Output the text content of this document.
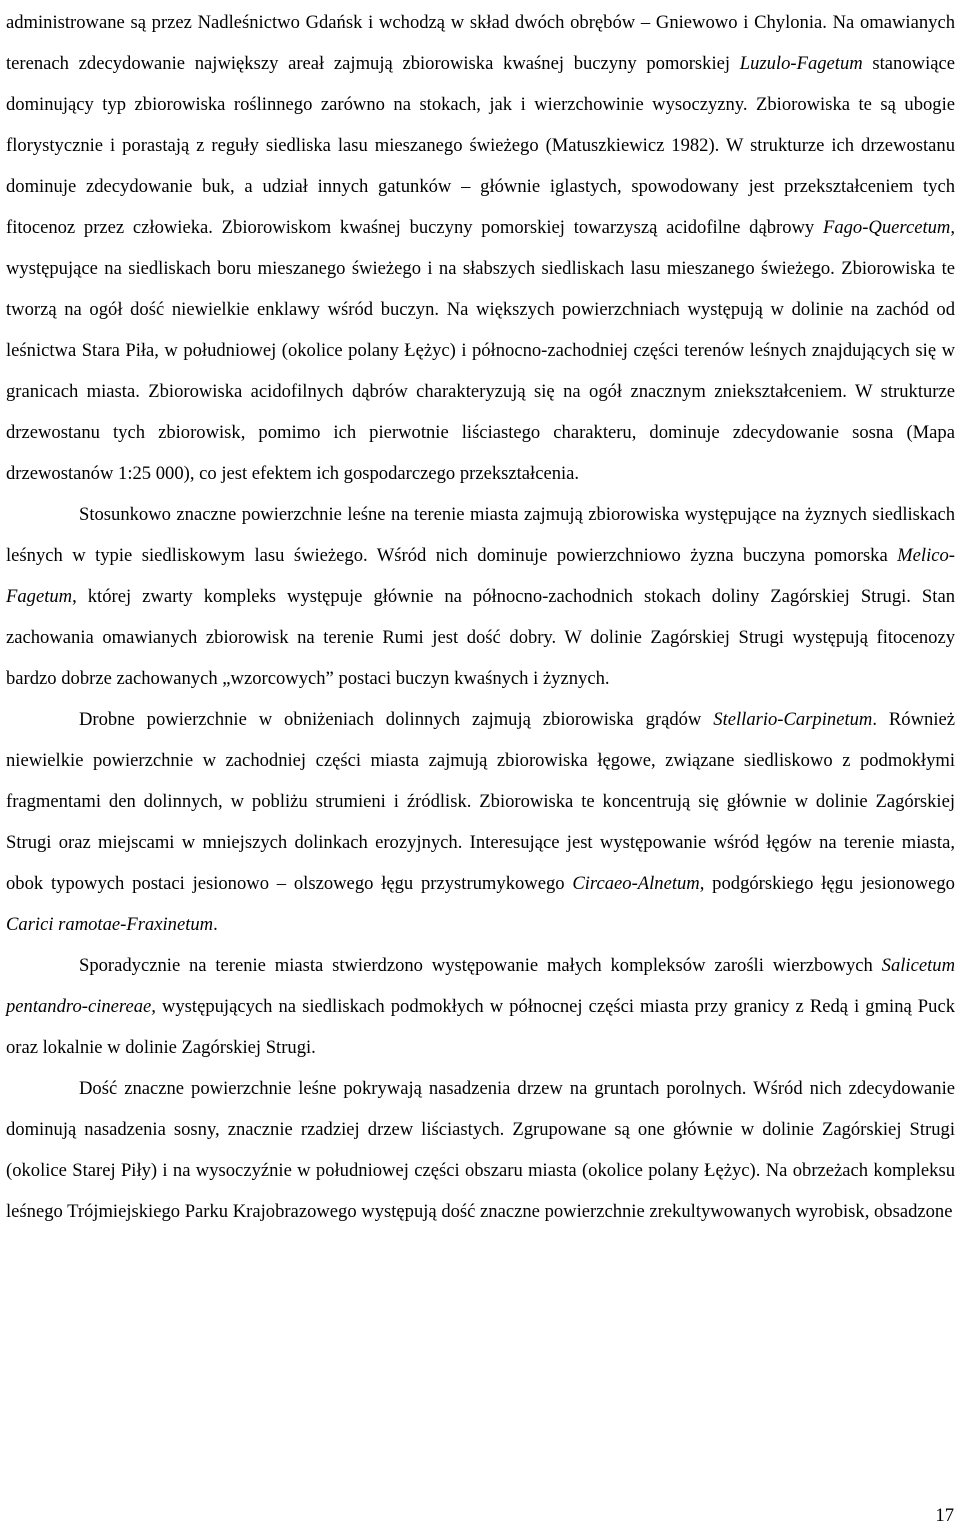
administrowane są przez Nadleśnictwo Gdańsk i wchodzą w skład dwóch obrębów – Gniewowo i Chylonia. Na omawianych terenach zdecydowanie największy areał zajmują zbiorowiska kwaśnej buczyny pomorskiej Luzulo-Fagetum stanowiące dominujący typ zbiorowiska roślinnego zarówno na stokach, jak i wierzchowinie wysoczyzny. Zbiorowiska te są ubogie florystycznie i porastają z reguły siedliska lasu mieszanego świeżego (Matuszkiewicz 1982). W strukturze ich drzewostanu dominuje zdecydowanie buk, a udział innych gatunków – głównie iglastych, spowodowany jest przekształceniem tych fitocenoz przez człowieka. Zbiorowiskom kwaśnej buczyny pomorskiej towarzyszą acidofilne dąbrowy Fago-Quercetum, występujące na siedliskach boru mieszanego świeżego i na słabszych siedliskach lasu mieszanego świeżego. Zbiorowiska te tworzą na ogół dość niewielkie enklawy wśród buczyn. Na większych powierzchniach występują w dolinie na zachód od leśnictwa Stara Piła, w południowej (okolice polany Łężyc) i północno-zachodniej części terenów leśnych znajdujących się w granicach miasta. Zbiorowiska acidofilnych dąbrów charakteryzują się na ogół znacznym zniekształceniem. W strukturze drzewostanu tych zbiorowisk, pomimo ich pierwotnie liściastego charakteru, dominuje zdecydowanie sosna (Mapa drzewostanów 1:25 000), co jest efektem ich gospodarczego przekształcenia.

Stosunkowo znaczne powierzchnie leśne na terenie miasta zajmują zbiorowiska występujące na żyznych siedliskach leśnych w typie siedliskowym lasu świeżego. Wśród nich dominuje powierzchniowo żyzna buczyna pomorska Melico-Fagetum, której zwarty kompleks występuje głównie na północno-zachodnich stokach doliny Zagórskiej Strugi. Stan zachowania omawianych zbiorowisk na terenie Rumi jest dość dobry. W dolinie Zagórskiej Strugi występują fitocenozy bardzo dobrze zachowanych „wzorcowych” postaci buczyn kwaśnych i żyznych.

Drobne powierzchnie w obniżeniach dolinnych zajmują zbiorowiska grądów Stellario-Carpinetum. Również niewielkie powierzchnie w zachodniej części miasta zajmują zbiorowiska łęgowe, związane siedliskowo z podmokłymi fragmentami den dolinnych, w pobliżu strumieni i źródlisk. Zbiorowiska te koncentrują się głównie w dolinie Zagórskiej Strugi oraz miejscami w mniejszych dolinkach erozyjnych. Interesujące jest występowanie wśród łęgów na terenie miasta, obok typowych postaci jesionowo – olszowego łęgu przystrumykowego Circaeo-Alnetum, podgórskiego łęgu jesionowego Carici ramotae-Fraxinetum.

Sporadycznie na terenie miasta stwierdzono występowanie małych kompleksów zarośli wierzbowych Salicetum pentandro-cinereae, występujących na siedliskach podmokłych w północnej części miasta przy granicy z Redą i gminą Puck oraz lokalnie w dolinie Zagórskiej Strugi.

Dość znaczne powierzchnie leśne pokrywają nasadzenia drzew na gruntach porolnych. Wśród nich zdecydowanie dominują nasadzenia sosny, znacznie rzadziej drzew liściastych. Zgrupowane są one głównie w dolinie Zagórskiej Strugi (okolice Starej Piły) i na wysoczyźnie w południowej części obszaru miasta (okolice polany Łężyc). Na obrzeżach kompleksu leśnego Trójmiejskiego Parku Krajobrazowego występują dość znaczne powierzchnie zrekultywowanych wyrobisk, obsadzone

17
